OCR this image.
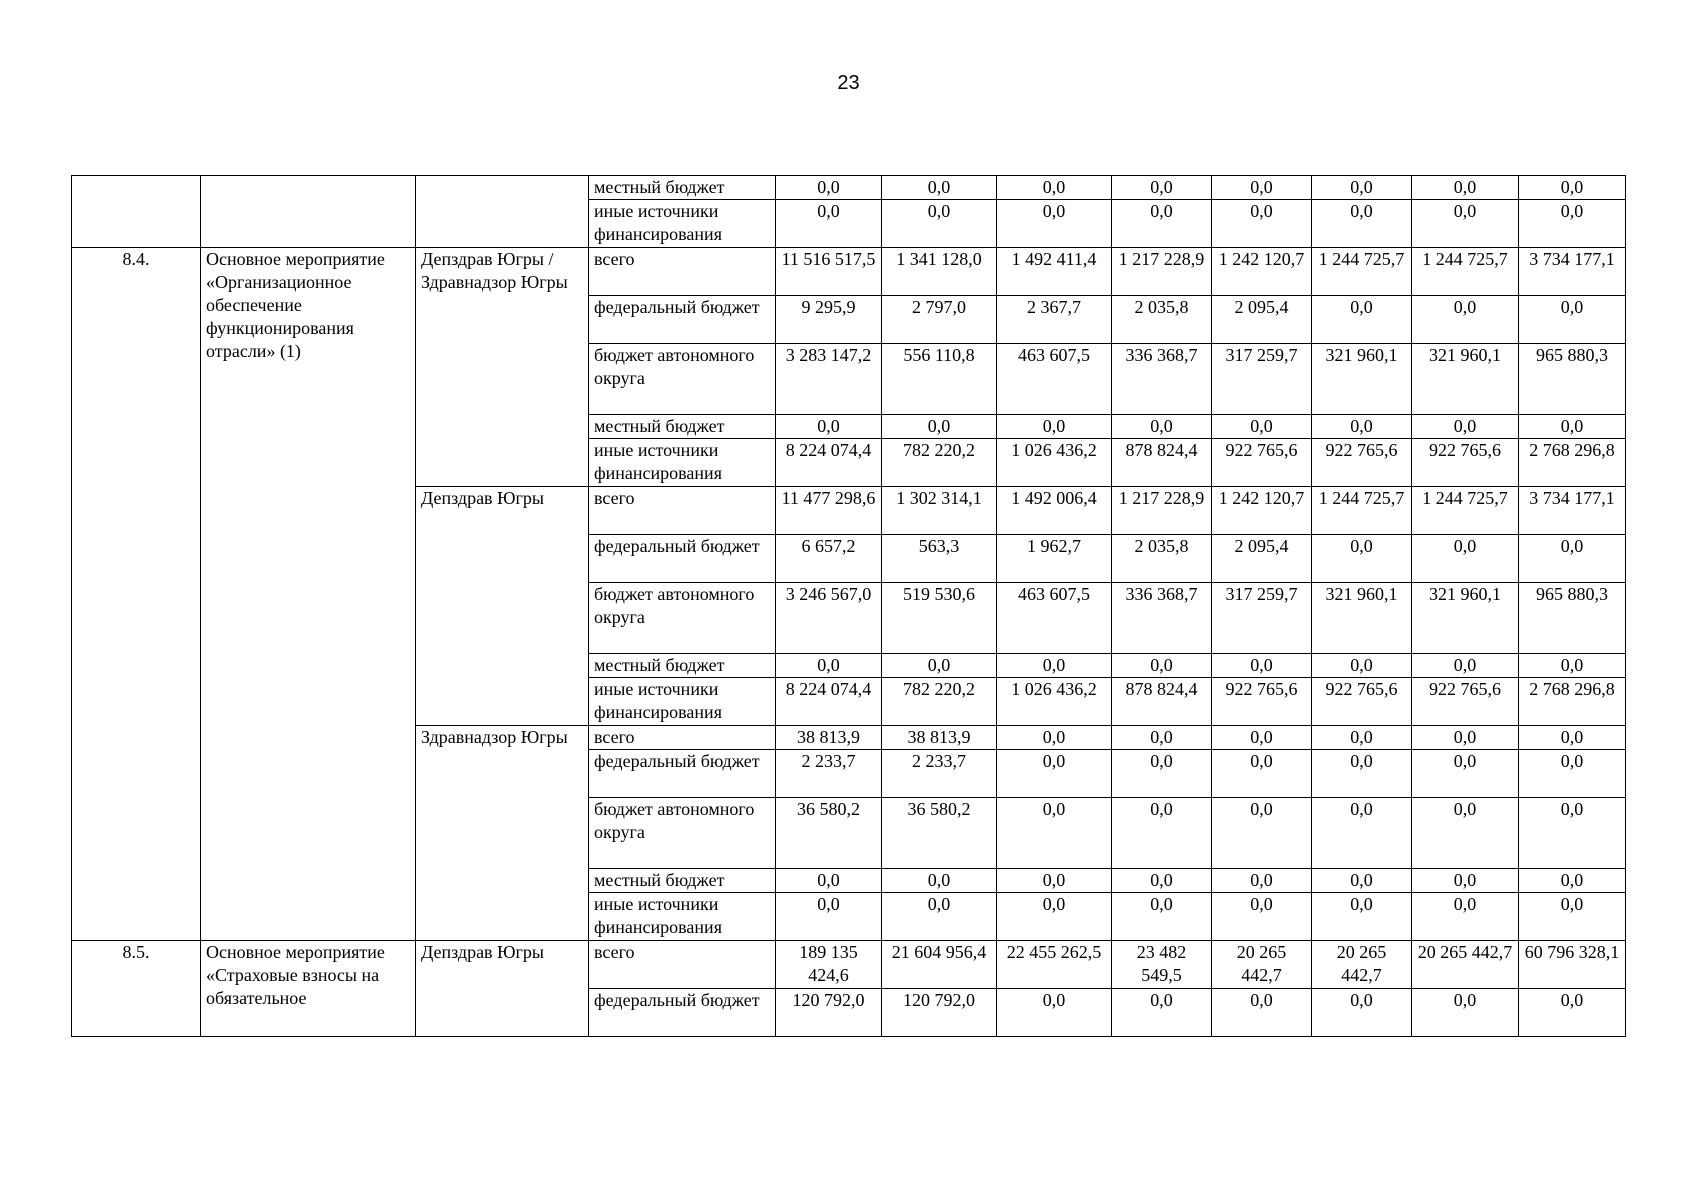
23
			местный бюджет	0,0	0,0	0,0	0,0	0,0	0,0	0,0	0,0
			иные источники финансирования	0,0	0,0	0,0	0,0	0,0	0,0	0,0	0,0
8.4.	Основное мероприятие «Организационное обеспечение функционирования отрасли» (1)	Депздрав Югры /Здравнадзор Югры	всего	11 516 517,5	1 341 128,0	1 492 411,4	1 217 228,9	1 242 120,7	1 244 725,7	1 244 725,7	3 734 177,1
			федеральный бюджет	9 295,9	2 797,0	2 367,7	2 035,8	2 095,4	0,0	0,0	0,0
			бюджет автономного округа	3 283 147,2	556 110,8	463 607,5	336 368,7	317 259,7	321 960,1	321 960,1	965 880,3
			местный бюджет	0,0	0,0	0,0	0,0	0,0	0,0	0,0	0,0
			иные источники финансирования	8 224 074,4	782 220,2	1 026 436,2	878 824,4	922 765,6	922 765,6	922 765,6	2 768 296,8
		Депздрав Югры	всего	11 477 298,6	1 302 314,1	1 492 006,4	1 217 228,9	1 242 120,7	1 244 725,7	1 244 725,7	3 734 177,1
			федеральный бюджет	6 657,2	563,3	1 962,7	2 035,8	2 095,4	0,0	0,0	0,0
			бюджет автономного округа	3 246 567,0	519 530,6	463 607,5	336 368,7	317 259,7	321 960,1	321 960,1	965 880,3
			местный бюджет	0,0	0,0	0,0	0,0	0,0	0,0	0,0	0,0
			иные источники финансирования	8 224 074,4	782 220,2	1 026 436,2	878 824,4	922 765,6	922 765,6	922 765,6	2 768 296,8
		Здравнадзор Югры	всего	38 813,9	38 813,9	0,0	0,0	0,0	0,0	0,0	0,0
			федеральный бюджет	2 233,7	2 233,7	0,0	0,0	0,0	0,0	0,0	0,0
			бюджет автономного округа	36 580,2	36 580,2	0,0	0,0	0,0	0,0	0,0	0,0
			местный бюджет	0,0	0,0	0,0	0,0	0,0	0,0	0,0	0,0
			иные источники финансирования	0,0	0,0	0,0	0,0	0,0	0,0	0,0	0,0
8.5.	Основное мероприятие «Страховые взносы на обязательное	Депздрав Югры	всего	189 135 424,6	21 604 956,4	22 455 262,5	23 482 549,5	20 265 442,7	20 265 442,7	20 265 442,7	60 796 328,1
			федеральный бюджет	120 792,0	120 792,0	0,0	0,0	0,0	0,0	0,0	0,0
